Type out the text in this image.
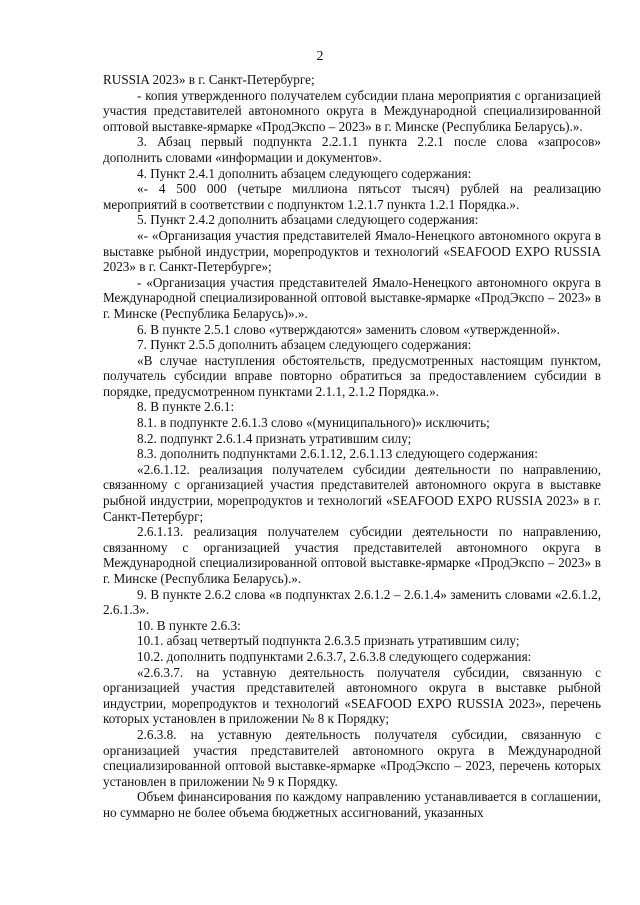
2

RUSSIA 2023» в г. Санкт-Петербурге;

- копия утвержденного получателем субсидии плана мероприятия с организацией участия представителей автономного округа в Международной специализированной оптовой выставке-ярмарке «ПродЭкспо – 2023» в г. Минске (Республика Беларусь).».

3. Абзац первый подпункта 2.2.1.1 пункта 2.2.1 после слова «запросов» дополнить словами «информации и документов».

4. Пункт 2.4.1 дополнить абзацем следующего содержания:

«- 4 500 000 (четыре миллиона пятьсот тысяч) рублей на реализацию мероприятий в соответствии с подпунктом 1.2.1.7 пункта 1.2.1 Порядка.».

5. Пункт 2.4.2 дополнить абзацами следующего содержания:

«- «Организация участия представителей Ямало-Ненецкого автономного округа в выставке рыбной индустрии, морепродуктов и технологий «SEAFOOD EXPO RUSSIA 2023» в г. Санкт-Петербурге»;

- «Организация участия представителей Ямало-Ненецкого автономного округа в Международной специализированной оптовой выставке-ярмарке «ПродЭкспо – 2023» в г. Минске (Республика Беларусь)».».

6. В пункте 2.5.1 слово «утверждаются» заменить словом «утвержденной».

7. Пункт 2.5.5 дополнить абзацем следующего содержания:

«В случае наступления обстоятельств, предусмотренных настоящим пунктом, получатель субсидии вправе повторно обратиться за предоставлением субсидии в порядке, предусмотренном пунктами 2.1.1, 2.1.2 Порядка.».

8. В пункте 2.6.1:

8.1. в подпункте 2.6.1.3 слово «(муниципального)» исключить;

8.2. подпункт 2.6.1.4 признать утратившим силу;

8.3. дополнить подпунктами 2.6.1.12, 2.6.1.13 следующего содержания:

«2.6.1.12. реализация получателем субсидии деятельности по направлению, связанному с организацией участия представителей автономного округа в выставке рыбной индустрии, морепродуктов и технологий «SEAFOOD EXPO RUSSIA 2023» в г. Санкт-Петербург;

2.6.1.13. реализация получателем субсидии деятельности по направлению, связанному с организацией участия представителей автономного округа в Международной специализированной оптовой выставке-ярмарке «ПродЭкспо – 2023» в г. Минске (Республика Беларусь).».

9. В пункте 2.6.2 слова «в подпунктах 2.6.1.2 – 2.6.1.4» заменить словами «2.6.1.2, 2.6.1.3».

10. В пункте 2.6.3:

10.1. абзац четвертый подпункта 2.6.3.5 признать утратившим силу;

10.2. дополнить подпунктами 2.6.3.7, 2.6.3.8 следующего содержания:

«2.6.3.7. на уставную деятельность получателя субсидии, связанную с организацией участия представителей автономного округа в выставке рыбной индустрии, морепродуктов и технологий «SEAFOOD EXPO RUSSIA 2023», перечень которых установлен в приложении № 8 к Порядку;

2.6.3.8. на уставную деятельность получателя субсидии, связанную с организацией участия представителей автономного округа в Международной специализированной оптовой выставке-ярмарке «ПродЭкспо – 2023, перечень которых установлен в приложении № 9 к Порядку.

Объем финансирования по каждому направлению устанавливается в соглашении, но суммарно не более объема бюджетных ассигнований, указанных
